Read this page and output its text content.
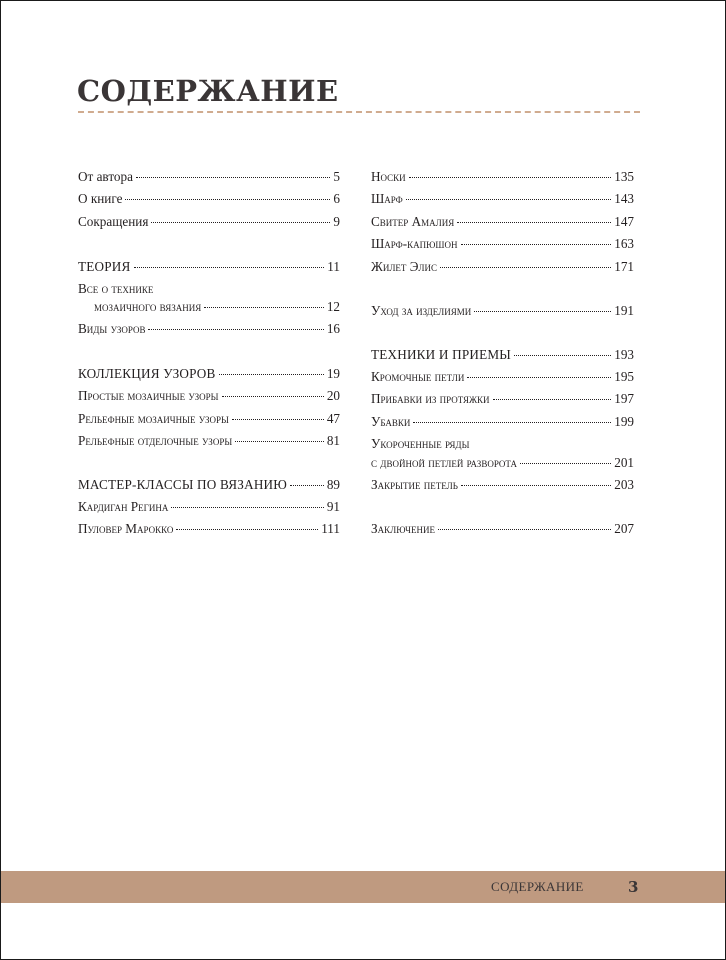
СОДЕРЖАНИЕ
От автора	5
О книге	6
Сокращения	9
ТЕОРИЯ	11
Все о технике
мозаичного вязания	12
Виды узоров	16
КОЛЛЕКЦИЯ УЗОРОВ	19
Простые мозаичные узоры	20
Рельефные мозаичные узоры	47
Рельефные отделочные узоры	81
МАСТЕР-КЛАССЫ ПО ВЯЗАНИЮ	89
Кардиган Регина	91
Пуловер Марокко	111
Носки	135
Шарф	143
Свитер Амалия	147
Шарф-капюшон	163
Жилет Элис	171
Уход за изделиями	191
ТЕХНИКИ И ПРИЕМЫ	193
Кромочные петли	195
Прибавки из протяжки	197
Убавки	199
Укороченные ряды
с двойной петлей разворота	201
Закрытие петель	203
Заключение	207
СОДЕРЖАНИЕ	3
